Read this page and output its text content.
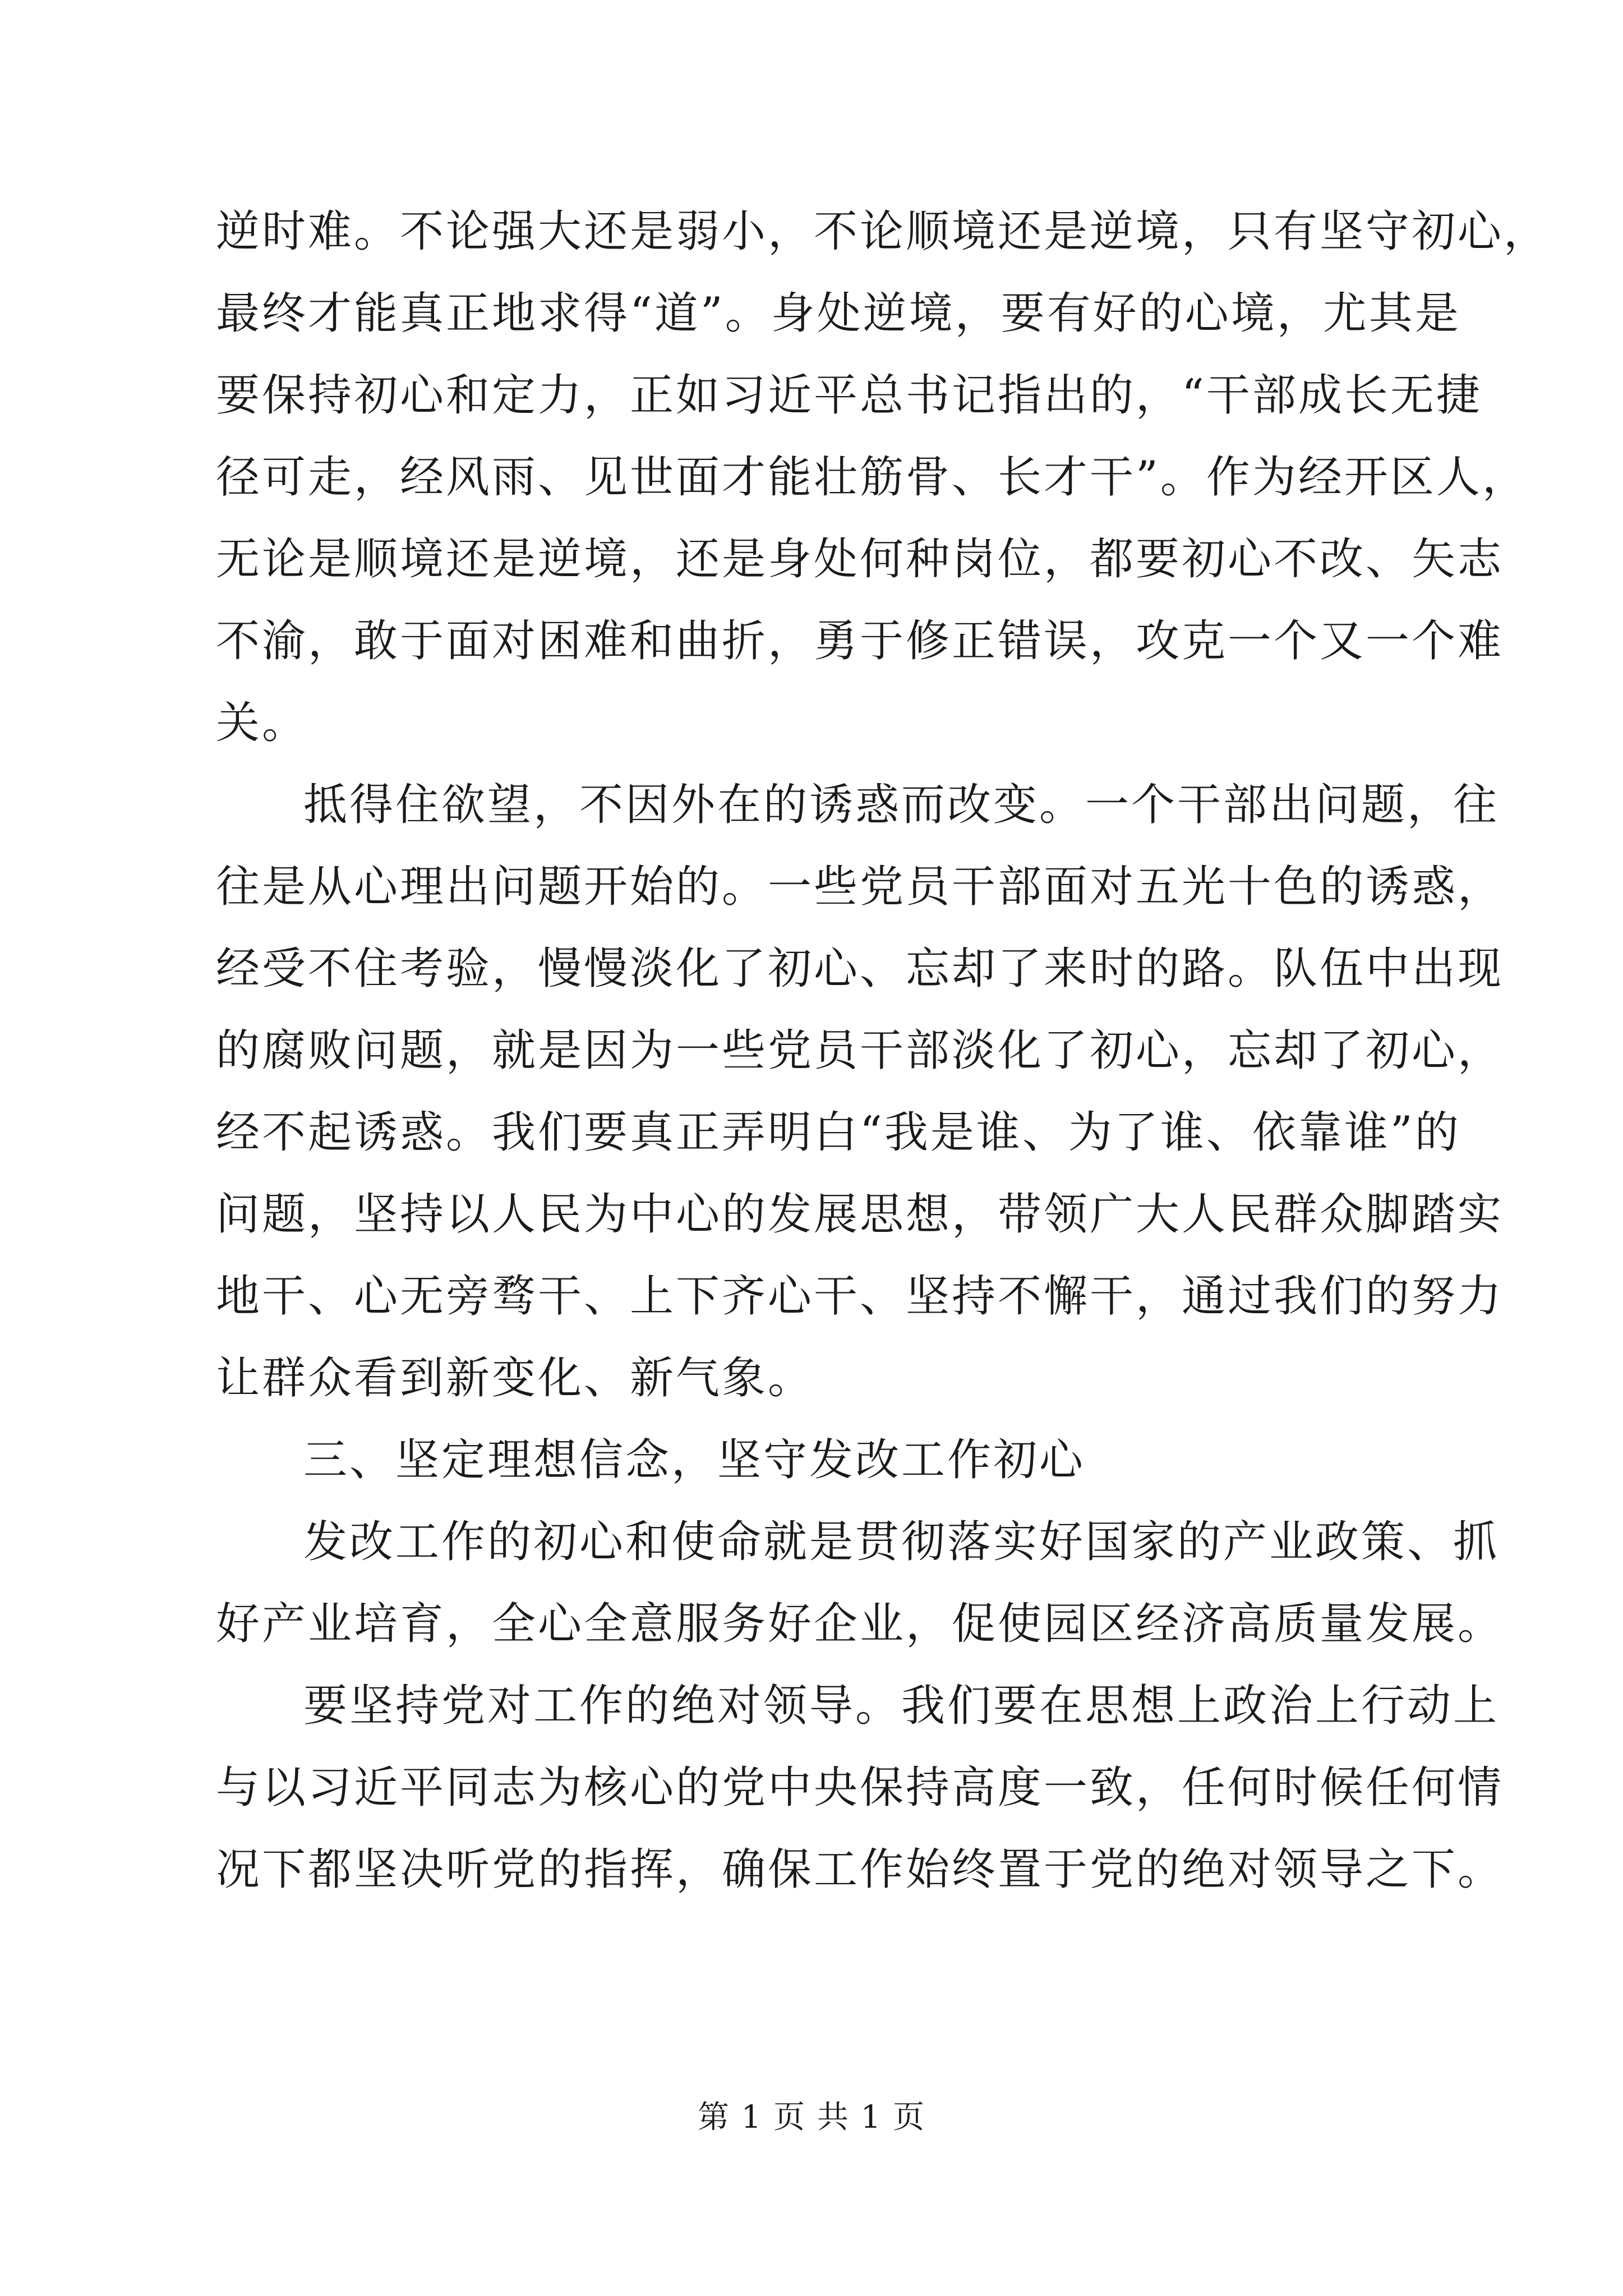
逆时难。不论强大还是弱小，不论顺境还是逆境，只有坚守初心，
最终才能真正地求得“道”。身处逆境，要有好的心境，尤其是
要保持初心和定力，正如习近平总书记指出的，“干部成长无捷
径可走，经风雨、见世面才能壮筋骨、长才干”。作为经开区人，
无论是顺境还是逆境，还是身处何种岗位，都要初心不改、矢志
不渝，敢于面对困难和曲折，勇于修正错误，攻克一个又一个难
关。
抵得住欲望，不因外在的诱惑而改变。一个干部出问题，往
往是从心理出问题开始的。一些党员干部面对五光十色的诱惑，
经受不住考验，慢慢淡化了初心、忘却了来时的路。队伍中出现
的腐败问题，就是因为一些党员干部淡化了初心，忘却了初心，
经不起诱惑。我们要真正弄明白“我是谁、为了谁、依靠谁”的
问题，坚持以人民为中心的发展思想，带领广大人民群众脚踏实
地干、心无旁骛干、上下齐心干、坚持不懈干，通过我们的努力
让群众看到新变化、新气象。
三、坚定理想信念，坚守发改工作初心
发改工作的初心和使命就是贯彻落实好国家的产业政策、抓
好产业培育，全心全意服务好企业，促使园区经济高质量发展。
要坚持党对工作的绝对领导。我们要在思想上政治上行动上
与以习近平同志为核心的党中央保持高度一致，任何时候任何情
况下都坚决听党的指挥，确保工作始终置于党的绝对领导之下。
第 1 页 共 1 页
